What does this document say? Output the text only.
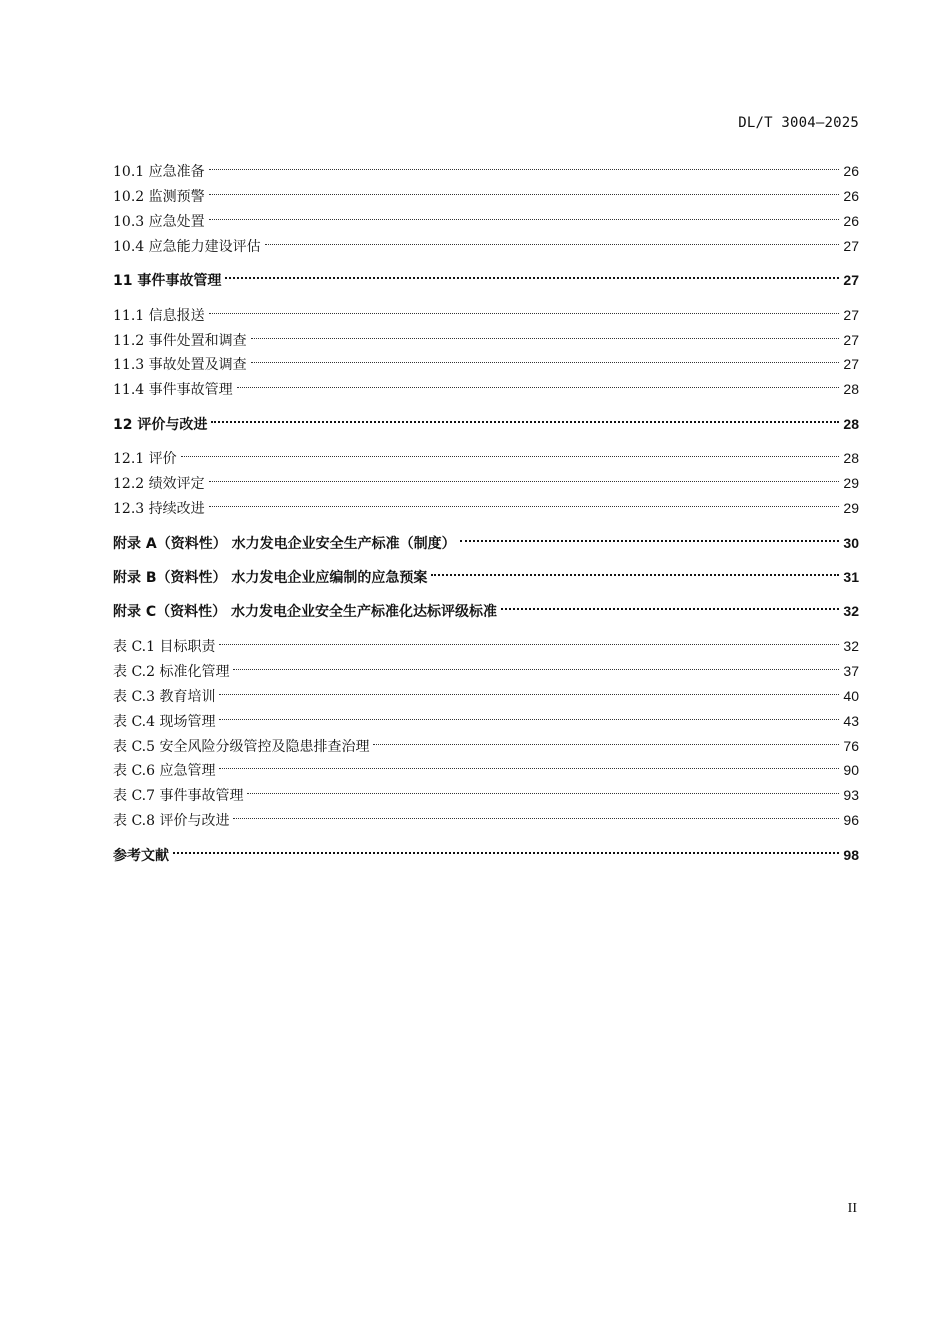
DL/T 3004—2025
10.1 应急准备	26
10.2 监测预警	26
10.3 应急处置	26
10.4 应急能力建设评估	27
11 事件事故管理	27
11.1 信息报送	27
11.2 事件处置和调查	27
11.3 事故处置及调查	27
11.4 事件事故管理	28
12 评价与改进	28
12.1 评价	28
12.2 绩效评定	29
12.3 持续改进	29
附录 A（资料性） 水力发电企业安全生产标准（制度）	30
附录 B（资料性） 水力发电企业应编制的应急预案	31
附录 C（资料性） 水力发电企业安全生产标准化达标评级标准	32
表 C.1 目标职责	32
表 C.2 标准化管理	37
表 C.3 教育培训	40
表 C.4 现场管理	43
表 C.5 安全风险分级管控及隐患排查治理	76
表 C.6 应急管理	90
表 C.7 事件事故管理	93
表 C.8 评价与改进	96
参考文献	98
II
